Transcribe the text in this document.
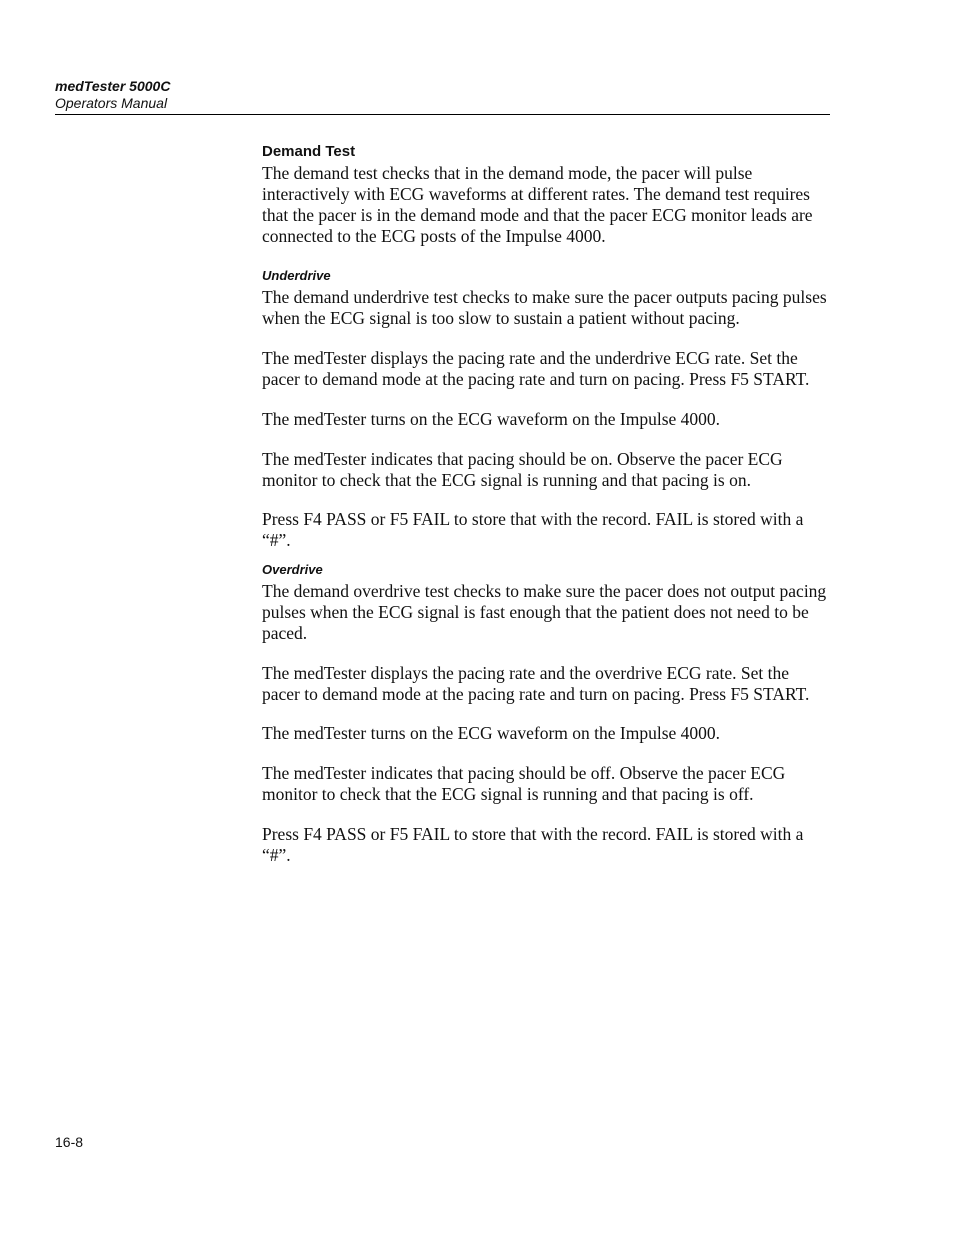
medTester 5000C
Operators Manual
Demand Test

The demand test checks that in the demand mode, the pacer will pulse interactively with ECG waveforms at different rates. The demand test requires that the pacer is in the demand mode and that the pacer ECG monitor leads are connected to the ECG posts of the Impulse 4000.

Underdrive

The demand underdrive test checks to make sure the pacer outputs pacing pulses when the ECG signal is too slow to sustain a patient without pacing.

The medTester displays the pacing rate and the underdrive ECG rate. Set the pacer to demand mode at the pacing rate and turn on pacing. Press F5 START.

The medTester turns on the ECG waveform on the Impulse 4000.

The medTester indicates that pacing should be on. Observe the pacer ECG monitor to check that the ECG signal is running and that pacing is on.

Press F4 PASS or F5 FAIL to store that with the record. FAIL is stored with a “#”.

Overdrive

The demand overdrive test checks to make sure the pacer does not output pacing pulses when the ECG signal is fast enough that the patient does not need to be paced.

The medTester displays the pacing rate and the overdrive ECG rate. Set the pacer to demand mode at the pacing rate and turn on pacing. Press F5 START.

The medTester turns on the ECG waveform on the Impulse 4000.

The medTester indicates that pacing should be off. Observe the pacer ECG monitor to check that the ECG signal is running and that pacing is off.

Press F4 PASS or F5 FAIL to store that with the record. FAIL is stored with a “#”.

16-8
